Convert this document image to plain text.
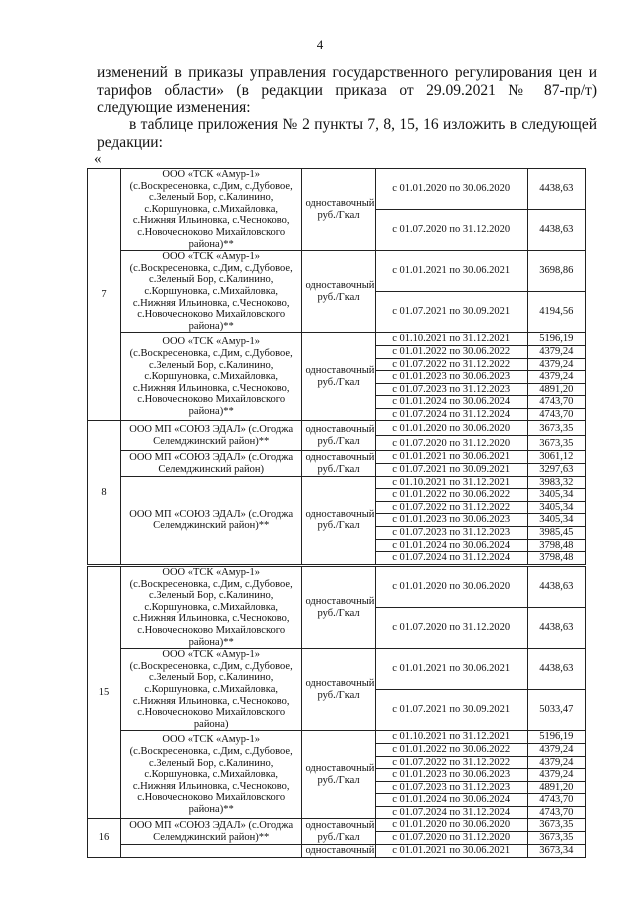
4
изменений в приказы управления государственного регулирования цен и тарифов области» (в редакции приказа от 29.09.2021 № 87-пр/т) следующие изменения:
в таблице приложения № 2 пункты 7, 8, 15, 16 изложить в следующей редакции:
«
7	ООО «ТСК «Амур-1» (с.Воскресеновка, с.Дим, с.Дубовое, с.Зеленый Бор, с.Калинино, с.Коршуновка, с.Михайловка, с.Нижняя Ильиновка, с.Чесноково, с.Новочесноково Михайловского района)**	одноставочный руб./Гкал	с 01.01.2020 по 30.06.2020	4438,63
			с 01.07.2020 по 31.12.2020	4438,63
	ООО «ТСК «Амур-1» (с.Воскресеновка, с.Дим, с.Дубовое, с.Зеленый Бор, с.Калинино, с.Коршуновка, с.Михайловка, с.Нижняя Ильиновка, с.Чесноково, с.Новочесноково Михайловского района)**	одноставочный руб./Гкал	с 01.01.2021 по 30.06.2021	3698,86
			с 01.07.2021 по 30.09.2021	4194,56
	ООО «ТСК «Амур-1» (с.Воскресеновка, с.Дим, с.Дубовое, с.Зеленый Бор, с.Калинино, с.Коршуновка, с.Михайловка, с.Нижняя Ильиновка, с.Чесноково, с.Новочесноково Михайловского района)**	одноставочный руб./Гкал	с 01.10.2021 по 31.12.2021	5196,19
			с 01.01.2022 по 30.06.2022	4379,24
			с 01.07.2022 по 31.12.2022	4379,24
			с 01.01.2023 по 30.06.2023	4379,24
			с 01.07.2023 по 31.12.2023	4891,20
			с 01.01.2024 по 30.06.2024	4743,70
			с 01.07.2024 по 31.12.2024	4743,70
8	ООО МП «СОЮЗ ЭДАЛ» (с.Огоджа Селемджинский район)**	одноставочный руб./Гкал	с 01.01.2020 по 30.06.2020	3673,35
			с 01.07.2020 по 31.12.2020	3673,35
	ООО МП «СОЮЗ ЭДАЛ» (с.Огоджа Селемджинский район)	одноставочный руб./Гкал	с 01.01.2021 по 30.06.2021	3061,12
			с 01.07.2021 по 30.09.2021	3297,63
	ООО МП «СОЮЗ ЭДАЛ» (с.Огоджа Селемджинский район)**	одноставочный руб./Гкал	с 01.10.2021 по 31.12.2021	3983,32
			с 01.01.2022 по 30.06.2022	3405,34
			с 01.07.2022 по 31.12.2022	3405,34
			с 01.01.2023 по 30.06.2023	3405,34
			с 01.07.2023 по 31.12.2023	3985,45
			с 01.01.2024 по 30.06.2024	3798,48
			с 01.07.2024 по 31.12.2024	3798,48
15	ООО «ТСК «Амур-1» (с.Воскресеновка, с.Дим, с.Дубовое, с.Зеленый Бор, с.Калинино, с.Коршуновка, с.Михайловка, с.Нижняя Ильиновка, с.Чесноково, с.Новочесноково Михайловского района)**	одноставочный руб./Гкал	с 01.01.2020 по 30.06.2020	4438,63
			с 01.07.2020 по 31.12.2020	4438,63
	ООО «ТСК «Амур-1» (с.Воскресеновка, с.Дим, с.Дубовое, с.Зеленый Бор, с.Калинино, с.Коршуновка, с.Михайловка, с.Нижняя Ильиновка, с.Чесноково, с.Новочесноково Михайловского района)	одноставочный руб./Гкал	с 01.01.2021 по 30.06.2021	4438,63
			с 01.07.2021 по 30.09.2021	5033,47
	ООО «ТСК «Амур-1» (с.Воскресеновка, с.Дим, с.Дубовое, с.Зеленый Бор, с.Калинино, с.Коршуновка, с.Михайловка, с.Нижняя Ильиновка, с.Чесноково, с.Новочесноково Михайловского района)**	одноставочный руб./Гкал	с 01.10.2021 по 31.12.2021	5196,19
			с 01.01.2022 по 30.06.2022	4379,24
			с 01.07.2022 по 31.12.2022	4379,24
			с 01.01.2023 по 30.06.2023	4379,24
			с 01.07.2023 по 31.12.2023	4891,20
			с 01.01.2024 по 30.06.2024	4743,70
			с 01.07.2024 по 31.12.2024	4743,70
16	ООО МП «СОЮЗ ЭДАЛ» (с.Огоджа Селемджинский район)**	одноставочный руб./Гкал	с 01.01.2020 по 30.06.2020	3673,35
			с 01.07.2020 по 31.12.2020	3673,35
		одноставочный	с 01.01.2021 по 30.06.2021	3673,34
